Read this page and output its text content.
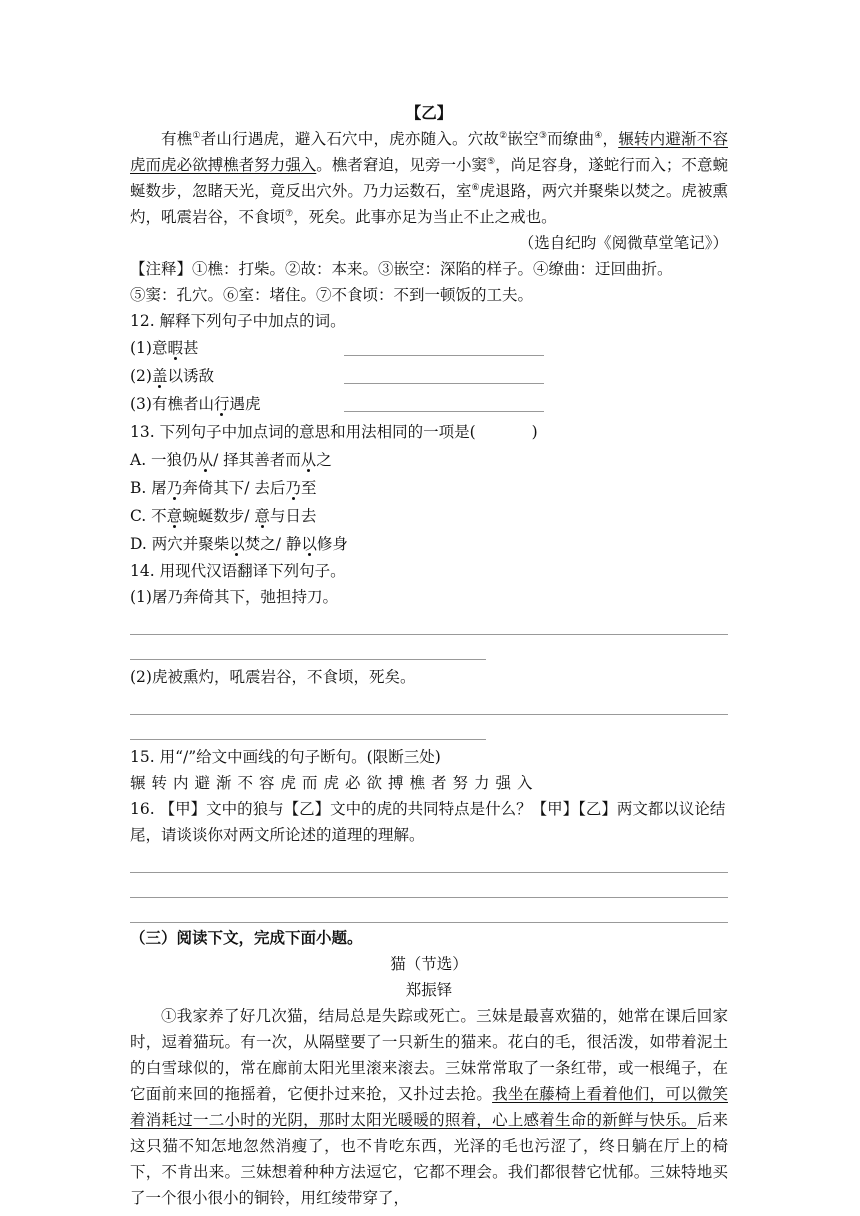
【乙】

有樵①者山行遇虎，避入石穴中，虎亦随入。穴故②嵌空③而缭曲④，辗转内避渐不容虎而虎必欲搏樵者努力强入。樵者窘迫，见旁一小窦⑤，尚足容身，遂蛇行而入；不意蜿蜒数步，忽睹天光，竟反出穴外。乃力运数石，室⑥虎退路，两穴并聚柴以焚之。虎被熏灼，吼震岩谷，不食顷⑦，死矣。此事亦足为当止不止之戒也。

（选自纪昀《阅微草堂笔记》）

【注释】①樵：打柴。②故：本来。③嵌空：深陷的样子。④缭曲：迂回曲折。

⑤窦：孔穴。⑥室：堵住。⑦不食顷：不到一顿饭的工夫。

12. 解释下列句子中加点的词。

(1)意暇甚
(2)盖以诱敌
(3)有樵者山行遇虎

13. 下列句子中加点词的意思和用法相同的一项是(	)

A. 一狼仍从/ 择其善者而从之

B. 屠乃奔倚其下/ 去后乃至

C. 不意蜿蜒数步/ 意与日去

D. 两穴并聚柴以焚之/ 静以修身

14. 用现代汉语翻译下列句子。

(1)屠乃奔倚其下，弛担持刀。

(2)虎被熏灼，吼震岩谷，不食顷，死矣。

15. 用“/”给文中画线的句子断句。(限断三处)

辗转内避渐不容虎而虎必欲搏樵者努力强入

16. 【甲】文中的狼与【乙】文中的虎的共同特点是什么？【甲】【乙】两文都以议论结尾，请谈谈你对两文所论述的道理的理解。

（三）阅读下文，完成下面小题。

猫（节选）

郑振铎

①我家养了好几次猫，结局总是失踪或死亡。三妹是最喜欢猫的，她常在课后回家时，逗着猫玩。有一次，从隔壁要了一只新生的猫来。花白的毛，很活泼，如带着泥土的白雪球似的，常在廊前太阳光里滚来滚去。三妹常常取了一条红带，或一根绳子，在它面前来回的拖摇着，它便扑过来抢，又扑过去抢。我坐在藤椅上看着他们，可以微笑着消耗过一二小时的光阴，那时太阳光暖暖的照着，心上感着生命的新鲜与快乐。后来这只猫不知怎地忽然消瘦了，也不肯吃东西，光泽的毛也污涩了，终日躺在厅上的椅下，不肯出来。三妹想着种种方法逗它，它都不理会。我们都很替它忧郁。三妹特地买了一个很小很小的铜铃，用红绫带穿了，
